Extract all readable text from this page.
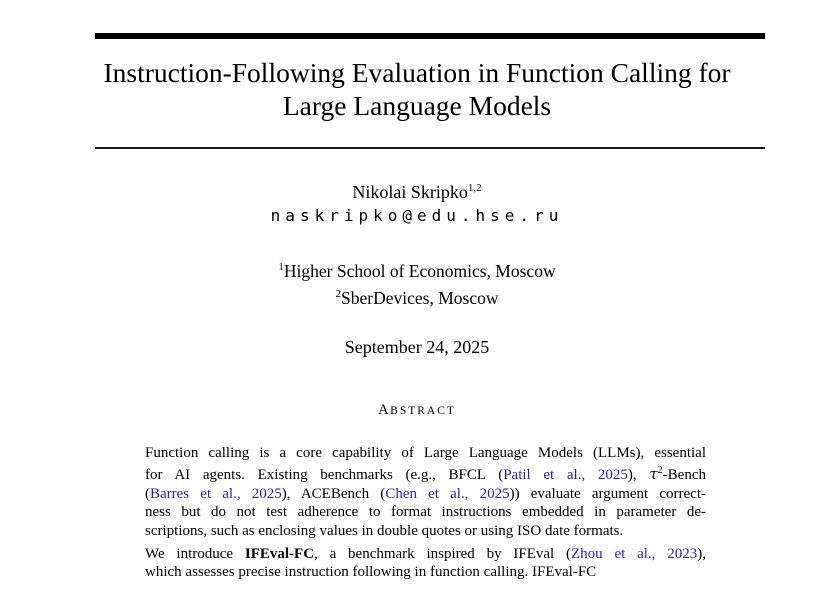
Instruction-Following Evaluation in Function Calling for
Large Language Models
Nikolai Skripko$^{1,2}$
naskripko@edu.hse.ru
$^1$Higher School of Economics, Moscow
$^2$SberDevices, Moscow
September 24, 2025
ABSTRACT
Function calling is a core capability of Large Language Models (LLMs), essential
for AI agents. Existing benchmarks (e.g., BFCL (Patil et al., 2025), $\tau^2$-Bench
(Barres et al., 2025), ACEBench (Chen et al., 2025)) evaluate argument correct-
ness but do not test adherence to format instructions embedded in parameter de-
scriptions, such as enclosing values in double quotes or using ISO date formats.
We introduce IFEval-FC, a benchmark inspired by IFEval (Zhou et al., 2023),
which assesses precise instruction following in function calling. IFEval-FC
